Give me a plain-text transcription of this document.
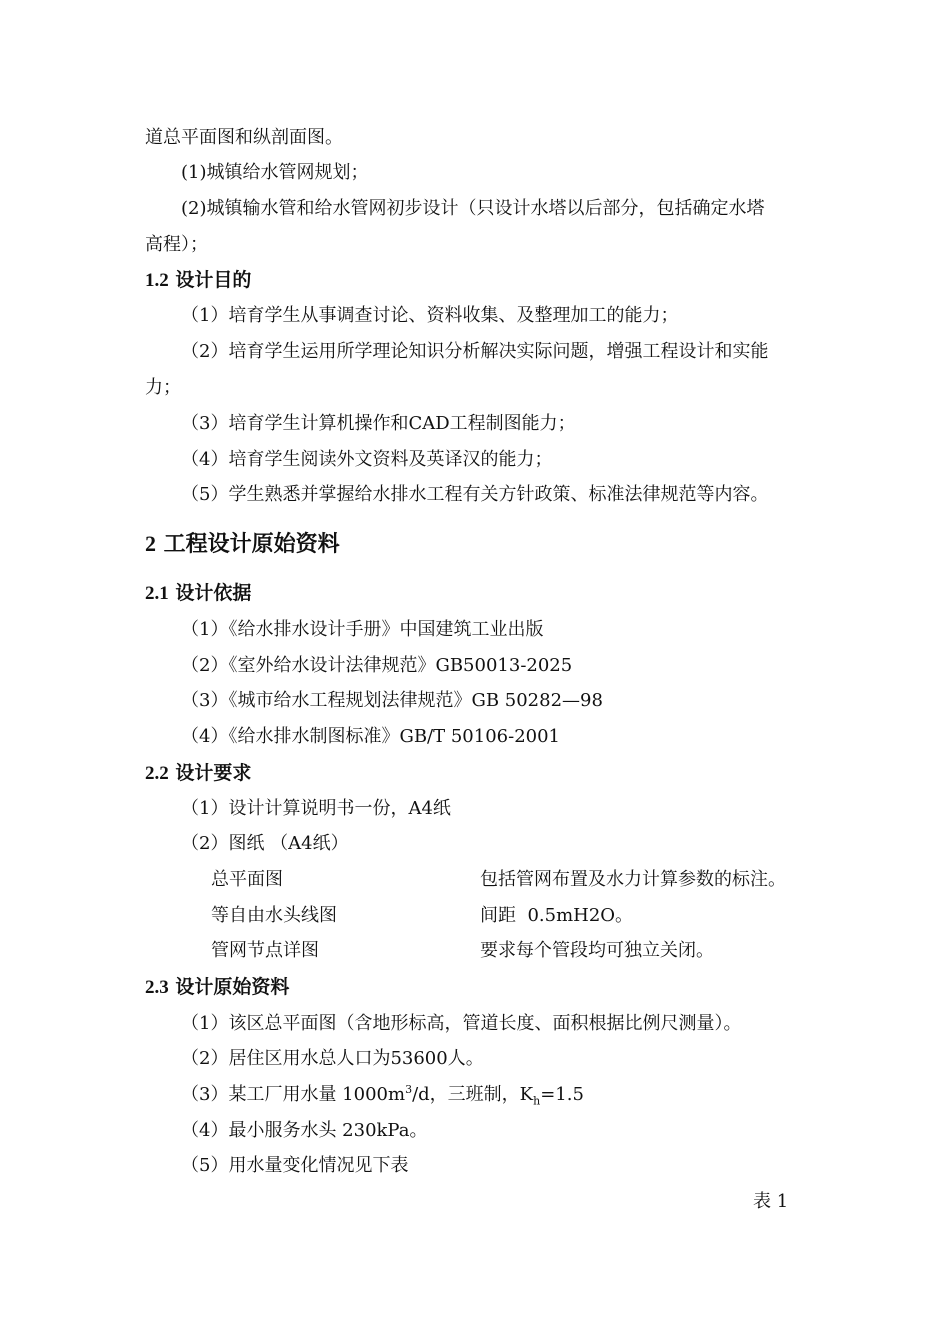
道总平面图和纵剖面图。
(1)城镇给水管网规划；
(2)城镇输水管和给水管网初步设计（只设计水塔以后部分，包括确定水塔
高程）；
1.2 设计目的
（1）培育学生从事调查讨论、资料收集、及整理加工的能力；
（2）培育学生运用所学理论知识分析解决实际问题，增强工程设计和实能
力；
（3）培育学生计算机操作和CAD工程制图能力；
（4）培育学生阅读外文资料及英译汉的能力；
（5）学生熟悉并掌握给水排水工程有关方针政策、标准法律规范等内容。
2 工程设计原始资料
2.1 设计依据
（1）《给水排水设计手册》中国建筑工业出版
（2）《室外给水设计法律规范》GB50013-2025
（3）《城市给水工程规划法律规范》GB 50282—98
（4）《给水排水制图标准》GB/T 50106-2001
2.2 设计要求
（1）设计计算说明书一份，A4纸
（2）图纸 （A4纸）
总平面图	包括管网布置及水力计算参数的标注。
等自由水头线图	间距  0.5mH2O。
管网节点详图	要求每个管段均可独立关闭。
2.3 设计原始资料
（1）该区总平面图（含地形标高，管道长度、面积根据比例尺测量）。
（2）居住区用水总人口为53600人。
（3）某工厂用水量 $1000m^3/d$，三班制，$K_h=1.5$
（4）最小服务水头 230kPa。
（5）用水量变化情况见下表
表 1
